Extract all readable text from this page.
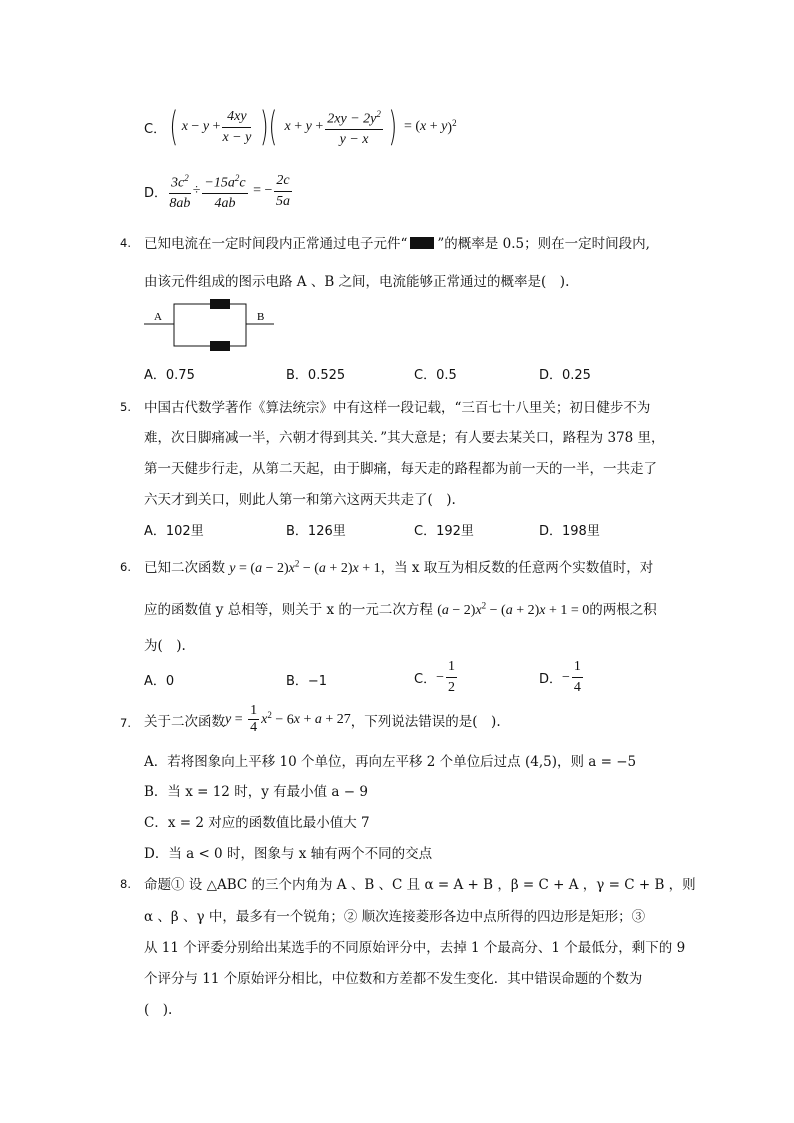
C． ( $x - y + \frac{4xy}{x - y}$ )( $x + y + \frac{2xy - 2y^2}{y - x}$ ) = ( x + y )$^2$
D． $\frac{3c^2}{8ab} \div \frac{-15a^2c}{4ab}$ = − $\frac{2c}{5a}$
4. 已知电流在一定时间段内正常通过电子元件“ ”的概率是 0.5；则在一定时间段内,
由该元件组成的图示电路 A 、B 之间，电流能够正常通过的概率是(　).
A	B
A．0.75	B．0.525	C．0.5	D．0.25
5. 中国古代数学著作《算法统宗》中有这样一段记载，“三百七十八里关；初日健步不为
难，次日脚痛减一半，六朝才得到其关．”其大意是；有人要去某关口，路程为 378 里，
第一天健步行走，从第二天起，由于脚痛，每天走的路程都为前一天的一半，一共走了
六天才到关口，则此人第一和第六这两天共走了(　).
A．102里	B．126里	C．192里	D．198里
6. 已知二次函数 $y = (a - 2)x^2 - (a + 2)x + 1$，当 x 取互为相反数的任意两个实数值时，对
应的函数值 y 总相等，则关于 x 的一元二次方程 $(a - 2)x^2 - (a + 2)x + 1 = 0$的两根之积
为(　).
A．0	B．−1	C． − $\frac{1}{2}$	D． − $\frac{1}{4}$
7. 关于二次函数 $y = \frac{1}{4}$ x $^2$ − 6 x + a + 27 ，下列说法错误的是(　).
A．若将图象向上平移 10 个单位，再向左平移 2 个单位后过点 (4,5)，则 a = −5
B．当 x = 12 时，y 有最小值 a − 9
C．x = 2 对应的函数值比最小值大 7
D．当 a < 0 时，图象与 x 轴有两个不同的交点
8. 命题① 设 △ABC 的三个内角为 A 、B 、C 且 α = A + B ，β = C + A ，γ = C + B ，则
α 、β 、γ 中，最多有一个锐角；② 顺次连接菱形各边中点所得的四边形是矩形；③
从 11 个评委分别给出某选手的不同原始评分中，去掉 1 个最高分、1 个最低分，剩下的 9
个评分与 11 个原始评分相比，中位数和方差都不发生变化．其中错误命题的个数为
(　).
